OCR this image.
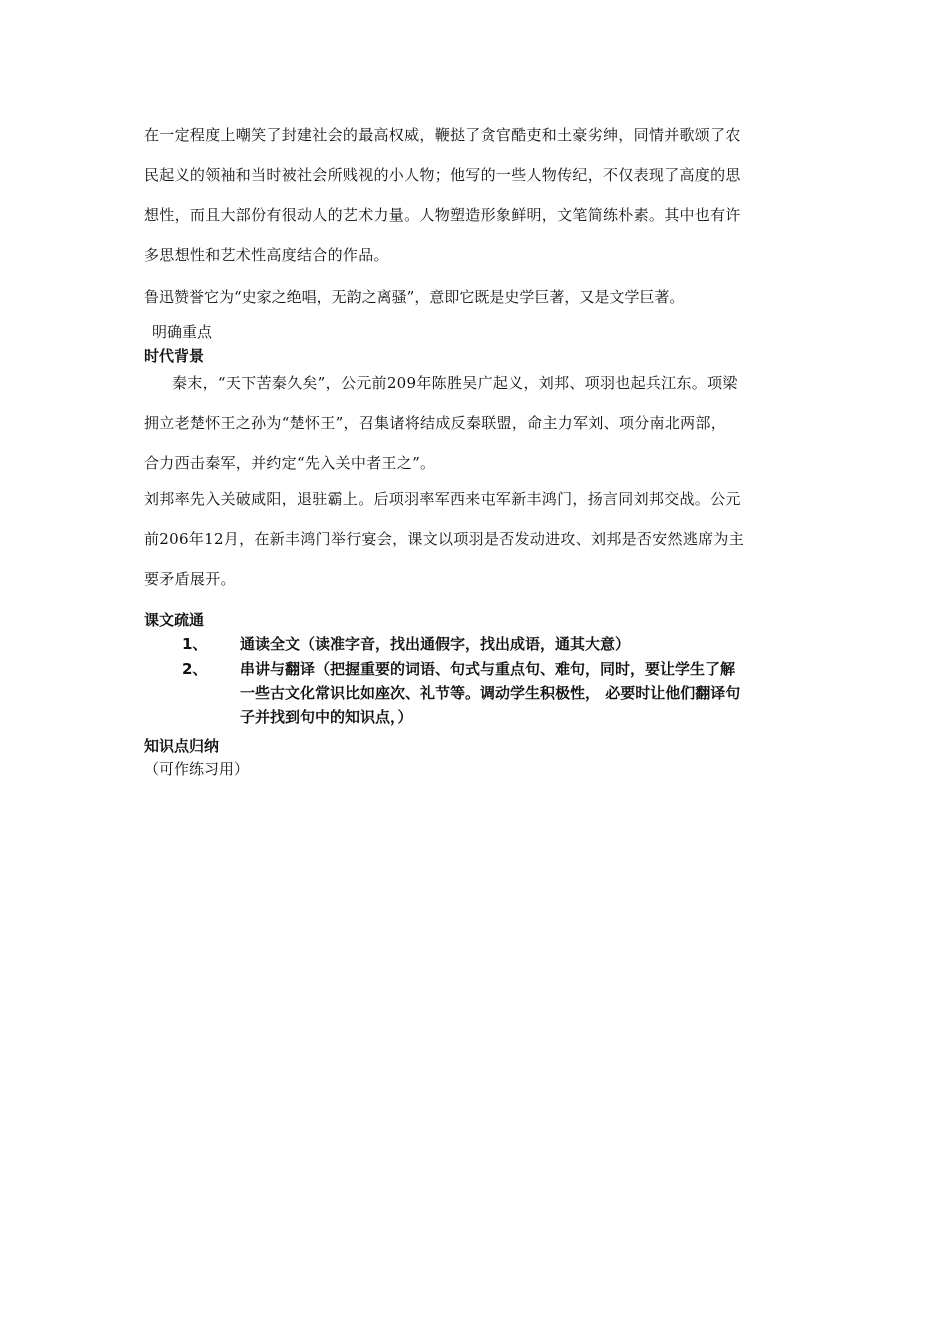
在一定程度上嘲笑了封建社会的最高权威，鞭挞了贪官酷吏和土豪劣绅，同情并歌颂了农

民起义的领袖和当时被社会所贱视的小人物；他写的一些人物传纪，不仅表现了高度的思

想性，而且大部份有很动人的艺术力量。人物塑造形象鲜明，文笔简练朴素。其中也有许

多思想性和艺术性高度结合的作品。

鲁迅赞誉它为“史家之绝唱，无韵之离骚”，意即它既是史学巨著，又是文学巨著。
明确重点
时代背景

秦末，“天下苦秦久矣”，公元前209年陈胜吴广起义，刘邦、项羽也起兵江东。项梁

拥立老楚怀王之孙为“楚怀王”，召集诸将结成反秦联盟，命主力军刘、项分南北两部，

合力西击秦军，并约定“先入关中者王之”。

刘邦率先入关破咸阳，退驻霸上。后项羽率军西来屯军新丰鸿门，扬言同刘邦交战。公元

前206年12月，在新丰鸿门举行宴会，课文以项羽是否发动进攻、刘邦是否安然逃席为主

要矛盾展开。

课文疏通
1、 通读全文（读准字音，找出通假字，找出成语，通其大意）
2、 串讲与翻译（把握重要的词语、句式与重点句、难句，同时，要让学生了解
一些古文化常识比如座次、礼节等。调动学生积极性， 必要时让他们翻译句
子并找到句中的知识点，）
知识点归纳
（可作练习用）
